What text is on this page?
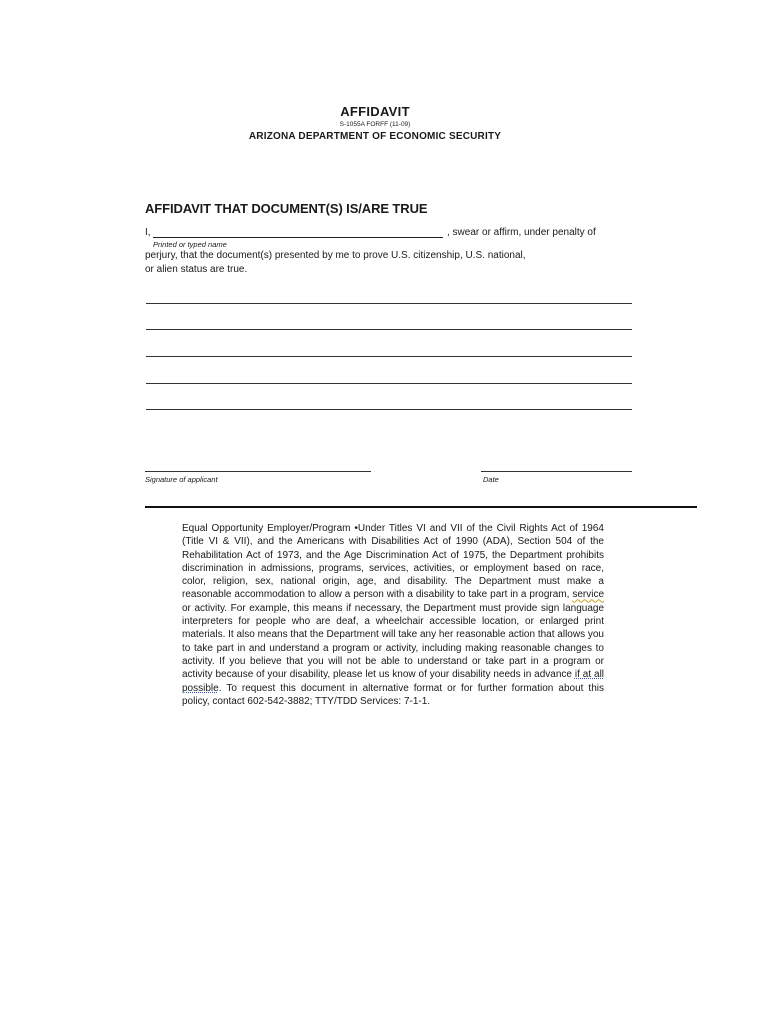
AFFIDAVIT
S-1055A FORFF (11-09)
ARIZONA DEPARTMENT OF ECONOMIC SECURITY
AFFIDAVIT THAT DOCUMENT(S) IS/ARE TRUE
I,	, swear or affirm, under penalty of
Printed or typed name
perjury, that the document(s) presented by me to prove U.S. citizenship, U.S. national,
or alien status are true.
Signature of applicant	Date
Equal Opportunity Employer/Program •Under Titles VI and VII of the Civil Rights Act of 1964 (Title VI & VII), and the Americans with Disabilities Act of 1990 (ADA), Section 504 of the Rehabilitation Act of 1973, and the Age Discrimination Act of 1975, the Department prohibits discrimination in admissions, programs, services, activities, or employment based on race, color, religion, sex, national origin, age, and disability. The Department must make a reasonable accommodation to allow a person with a disability to take part in a program, service or activity. For example, this means if necessary, the Department must provide sign language interpreters for people who are deaf, a wheelchair accessible location, or enlarged print materials. It also means that the Department will take any her reasonable action that allows you to take part in and understand a program or activity, including making reasonable changes to activity. If you believe that you will not be able to understand or take part in a program or activity because of your disability, please let us know of your disability needs in advance if at all possible. To request this document in alternative format or for further formation about this policy, contact 602-542-3882; TTY/TDD Services: 7-1-1.
